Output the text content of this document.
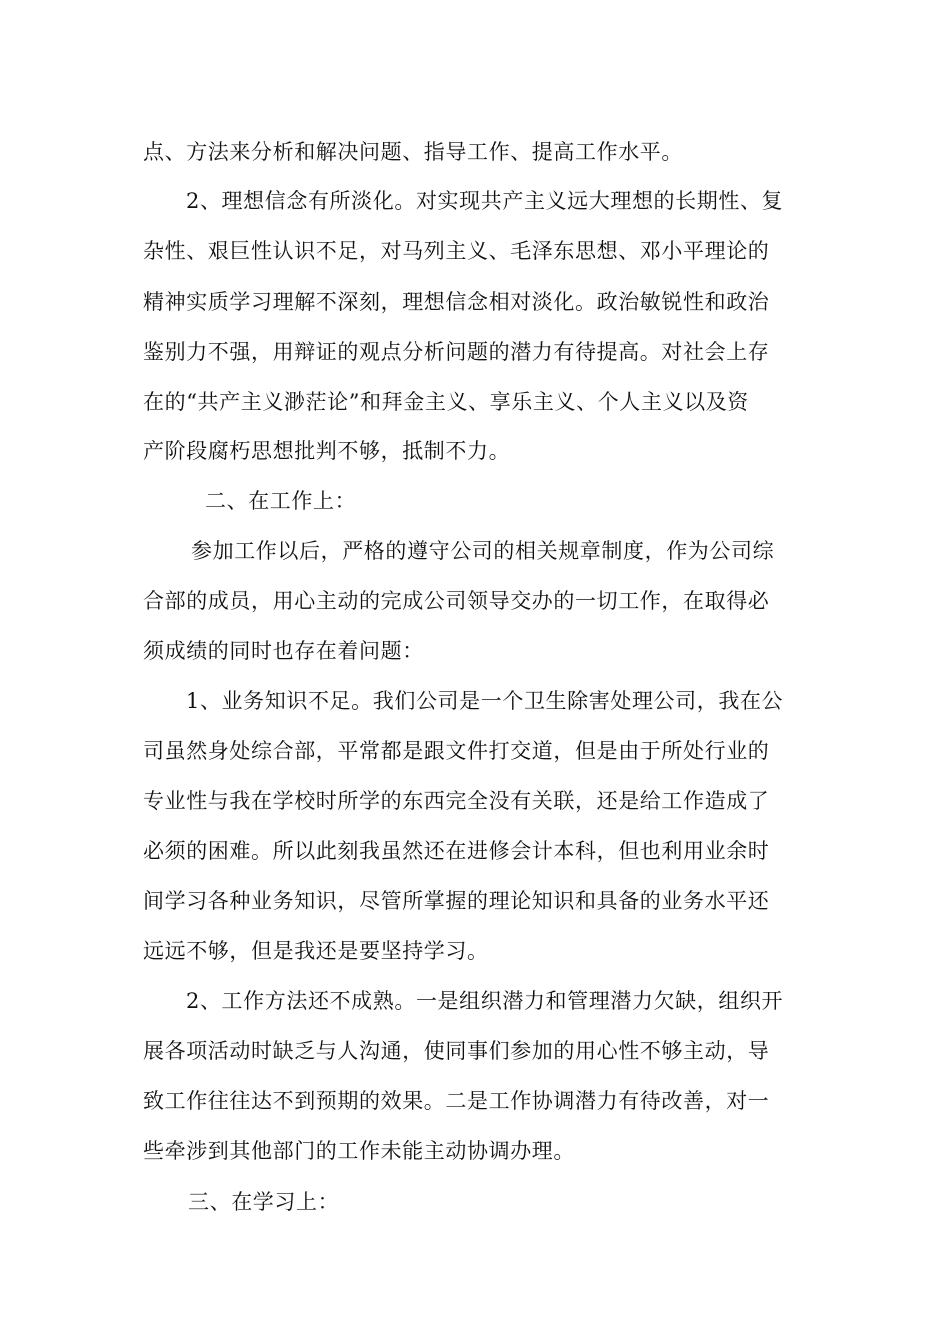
点、方法来分析和解决问题、指导工作、提高工作水平。
2、理想信念有所淡化。对实现共产主义远大理想的长期性、复
杂性、艰巨性认识不足，对马列主义、毛泽东思想、邓小平理论的
精神实质学习理解不深刻，理想信念相对淡化。政治敏锐性和政治
鉴别力不强，用辩证的观点分析问题的潜力有待提高。对社会上存
在的“共产主义渺茫论”和拜金主义、享乐主义、个人主义以及资
产阶段腐朽思想批判不够，抵制不力。
二、在工作上：
参加工作以后，严格的遵守公司的相关规章制度，作为公司综
合部的成员，用心主动的完成公司领导交办的一切工作，在取得必
须成绩的同时也存在着问题：
1、业务知识不足。我们公司是一个卫生除害处理公司，我在公
司虽然身处综合部，平常都是跟文件打交道，但是由于所处行业的
专业性与我在学校时所学的东西完全没有关联，还是给工作造成了
必须的困难。所以此刻我虽然还在进修会计本科，但也利用业余时
间学习各种业务知识，尽管所掌握的理论知识和具备的业务水平还
远远不够，但是我还是要坚持学习。
2、工作方法还不成熟。一是组织潜力和管理潜力欠缺，组织开
展各项活动时缺乏与人沟通，使同事们参加的用心性不够主动，导
致工作往往达不到预期的效果。二是工作协调潜力有待改善，对一
些牵涉到其他部门的工作未能主动协调办理。
三、在学习上：
